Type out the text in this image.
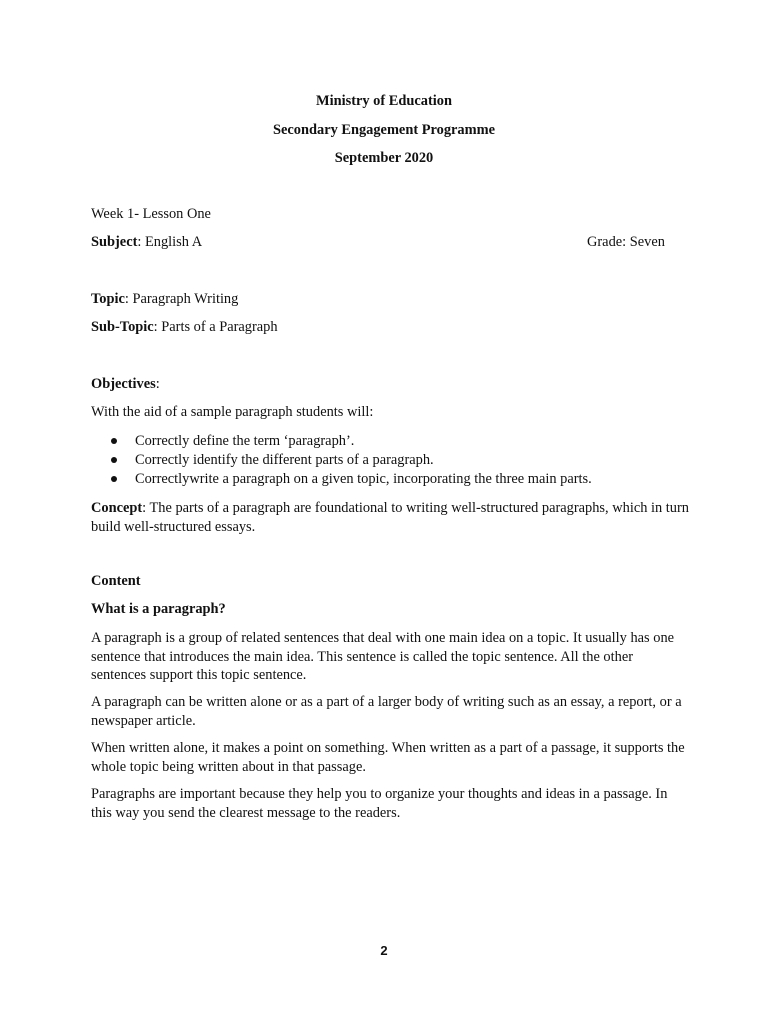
Ministry of Education
Secondary Engagement Programme
September 2020
Week 1- Lesson One
Subject: English A	Grade: Seven
Topic: Paragraph Writing
Sub-Topic: Parts of a Paragraph
Objectives:
With the aid of a sample paragraph students will:
Correctly define the term ‘paragraph’.
Correctly identify the different parts of a paragraph.
Correctlywrite a paragraph on a given topic, incorporating the three main parts.
Concept: The parts of a paragraph are foundational to writing well-structured paragraphs, which in turn build well-structured essays.
Content
What is a paragraph?
A paragraph is a group of related sentences that deal with one main idea on a topic. It usually has one sentence that introduces the main idea. This sentence is called the topic sentence. All the other sentences support this topic sentence.
A paragraph can be written alone or as a part of a larger body of writing such as an essay, a report, or a newspaper article.
When written alone, it makes a point on something. When written as a part of a passage, it supports the whole topic being written about in that passage.
Paragraphs are important because they help you to organize your thoughts and ideas in a passage. In this way you send the clearest message to the readers.
2
